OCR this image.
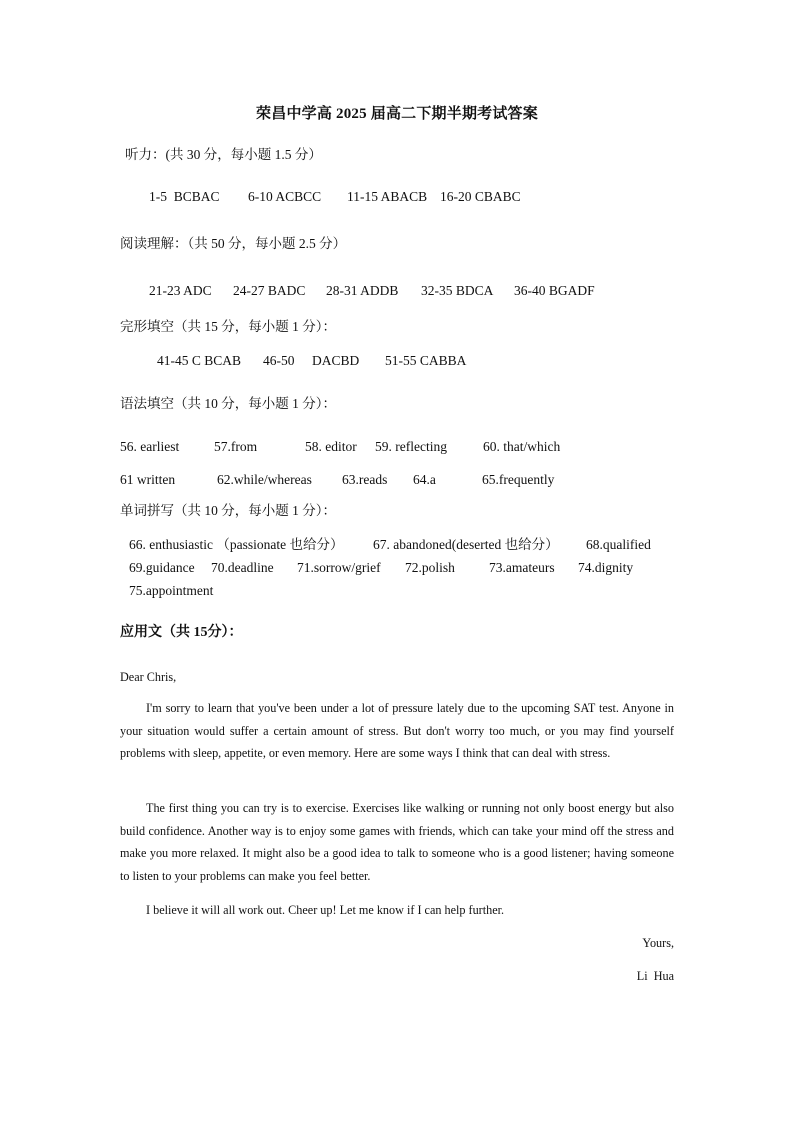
荣昌中学高 2025 届高二下期半期考试答案
听力：(共 30 分，每小题 1.5 分）
1-5  BCBAC 6-10 ACBCC 11-15 ABACB 16-20 CBABC
阅读理解：（共 50 分，每小题 2.5 分）
21-23 ADC 24-27 BADC 28-31 ADDB 32-35 BDCA 36-40 BGADF
完形填空（共 15 分，每小题 1 分）：
41-45 C BCAB 46-50 DACBD 51-55 CABBA
语法填空（共 10 分，每小题 1 分）：
56. earliest	57.from	58. editor 59. reflecting	60. that/which
61 written	62.while/whereas 63.reads 64.a	65.frequently
单词拼写（共 10 分，每小题 1 分）：
66. enthusiastic （passionate 也给分） 67. abandoned(deserted 也给分） 68.qualified
69.guidance 70.deadline 71.sorrow/grief 72.polish	73.amateurs 74.dignity
75.appointment
应用文（共 15分）：
Dear Chris,
I'm sorry to learn that you've been under a lot of pressure lately due to the upcoming SAT test. Anyone in your situation would suffer a certain amount of stress. But don't worry too much, or you may find yourself problems with sleep, appetite, or even memory. Here are some ways I think that can deal with stress.
The first thing you can try is to exercise. Exercises like walking or running not only boost energy but also build confidence. Another way is to enjoy some games with friends, which can take your mind off the stress and make you more relaxed. It might also be a good idea to talk to someone who is a good listener; having someone to listen to your problems can make you feel better.
I believe it will all work out. Cheer up! Let me know if I can help further.
Yours,
Li  Hua
